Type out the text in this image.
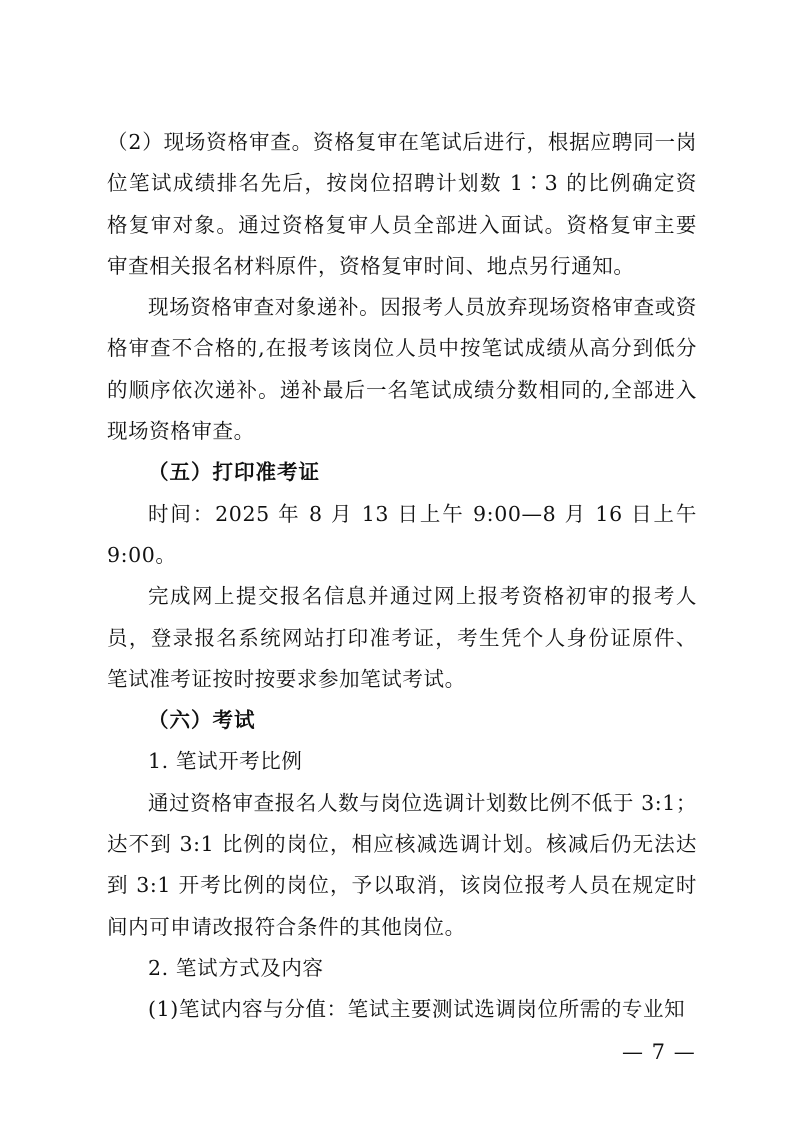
（2）现场资格审查。资格复审在笔试后进行，根据应聘同一岗位笔试成绩排名先后，按岗位招聘计划数 1∶3 的比例确定资格复审对象。通过资格复审人员全部进入面试。资格复审主要审查相关报名材料原件，资格复审时间、地点另行通知。

现场资格审查对象递补。因报考人员放弃现场资格审查或资格审查不合格的,在报考该岗位人员中按笔试成绩从高分到低分的顺序依次递补。递补最后一名笔试成绩分数相同的,全部进入现场资格审查。

（五）打印准考证

时间：2025 年 8 月 13 日上午 9:00—8 月 16 日上午 9:00。

完成网上提交报名信息并通过网上报考资格初审的报考人员，登录报名系统网站打印准考证，考生凭个人身份证原件、笔试准考证按时按要求参加笔试考试。

（六）考试

1. 笔试开考比例

通过资格审查报名人数与岗位选调计划数比例不低于 3:1；达不到 3:1 比例的岗位，相应核减选调计划。核减后仍无法达到 3:1 开考比例的岗位，予以取消，该岗位报考人员在规定时间内可申请改报符合条件的其他岗位。

2. 笔试方式及内容

(1)笔试内容与分值：笔试主要测试选调岗位所需的专业知

— 7 —
